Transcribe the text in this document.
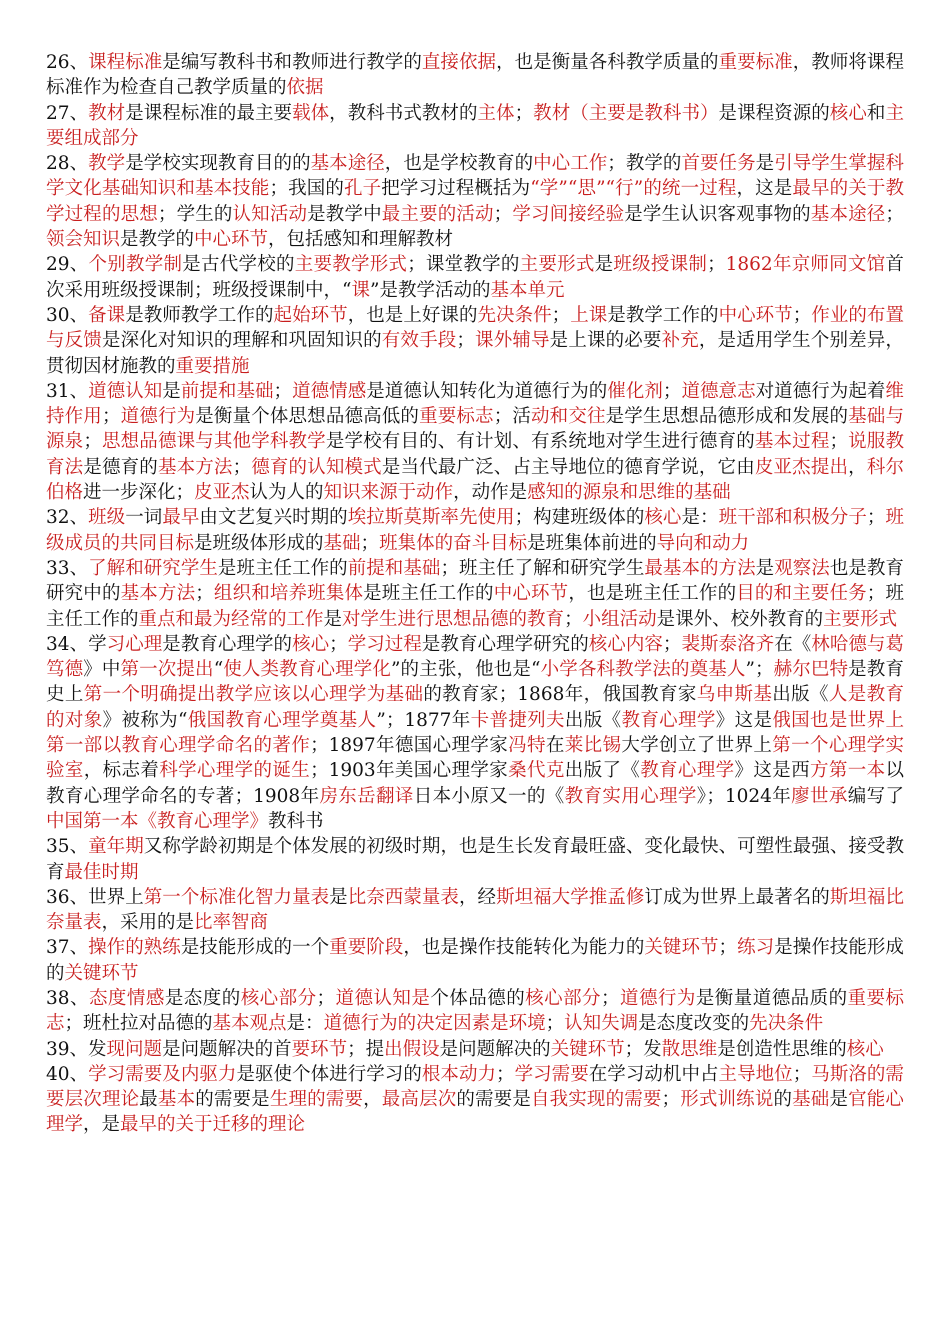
26、课程标准是编写教科书和教师进行教学的直接依据，也是衡量各科教学质量的重要标准，教师将课程标准作为检查自己教学质量的依据

27、教材是课程标准的最主要载体，教科书式教材的主体；教材（主要是教科书）是课程资源的核心和主要组成部分

28、教学是学校实现教育目的的基本途径，也是学校教育的中心工作；教学的首要任务是引导学生掌握科学文化基础知识和基本技能；我国的孔子把学习过程概括为“学”“思”“行”的统一过程，这是最早的关于教学过程的思想；学生的认知活动是教学中最主要的活动；学习间接经验是学生认识客观事物的基本途径；领会知识是教学的中心环节，包括感知和理解教材

29、个别教学制是古代学校的主要教学形式；课堂教学的主要形式是班级授课制；1862年京师同文馆首次采用班级授课制；班级授课制中，“课”是教学活动的基本单元

30、备课是教师教学工作的起始环节，也是上好课的先决条件；上课是教学工作的中心环节；作业的布置与反馈是深化对知识的理解和巩固知识的有效手段；课外辅导是上课的必要补充，是适用学生个别差异，贯彻因材施教的重要措施

31、道德认知是前提和基础；道德情感是道德认知转化为道德行为的催化剂；道德意志对道德行为起着维持作用；道德行为是衡量个体思想品德高低的重要标志；活动和交往是学生思想品德形成和发展的基础与源泉；思想品德课与其他学科教学是学校有目的、有计划、有系统地对学生进行德育的基本过程；说服教育法是德育的基本方法；德育的认知模式是当代最广泛、占主导地位的德育学说，它由皮亚杰提出，科尔伯格进一步深化；皮亚杰认为人的知识来源于动作，动作是感知的源泉和思维的基础

32、班级一词最早由文艺复兴时期的埃拉斯莫斯率先使用；构建班级体的核心是：班干部和积极分子；班级成员的共同目标是班级体形成的基础；班集体的奋斗目标是班集体前进的导向和动力

33、了解和研究学生是班主任工作的前提和基础；班主任了解和研究学生最基本的方法是观察法也是教育研究中的基本方法；组织和培养班集体是班主任工作的中心环节，也是班主任工作的目的和主要任务；班主任工作的重点和最为经常的工作是对学生进行思想品德的教育；小组活动是课外、校外教育的主要形式

34、学习心理是教育心理学的核心；学习过程是教育心理学研究的核心内容；裴斯泰洛齐在《林哈德与葛笃德》中第一次提出“使人类教育心理学化”的主张，他也是“小学各科教学法的奠基人”；赫尔巴特是教育史上第一个明确提出教学应该以心理学为基础的教育家；1868年，俄国教育家乌申斯基出版《人是教育的对象》被称为“俄国教育心理学奠基人”；1877年卡普捷列夫出版《教育心理学》这是俄国也是世界上第一部以教育心理学命名的著作；1897年德国心理学家冯特在莱比锡大学创立了世界上第一个心理学实验室，标志着科学心理学的诞生；1903年美国心理学家桑代克出版了《教育心理学》这是西方第一本以教育心理学命名的专著；1908年房东岳翻译日本小原又一的《教育实用心理学》；1024年廖世承编写了中国第一本《教育心理学》教科书

35、童年期又称学龄初期是个体发展的初级时期，也是生长发育最旺盛、变化最快、可塑性最强、接受教育最佳时期

36、世界上第一个标准化智力量表是比奈西蒙量表，经斯坦福大学推孟修订成为世界上最著名的斯坦福比奈量表，采用的是比率智商

37、操作的熟练是技能形成的一个重要阶段，也是操作技能转化为能力的关键环节；练习是操作技能形成的关键环节

38、态度情感是态度的核心部分；道德认知是个体品德的核心部分；道德行为是衡量道德品质的重要标志；班杜拉对品德的基本观点是：道德行为的决定因素是环境；认知失调是态度改变的先决条件

39、发现问题是问题解决的首要环节；提出假设是问题解决的关键环节；发散思维是创造性思维的核心

40、学习需要及内驱力是驱使个体进行学习的根本动力；学习需要在学习动机中占主导地位；马斯洛的需要层次理论最基本的需要是生理的需要，最高层次的需要是自我实现的需要；形式训练说的基础是官能心理学，是最早的关于迁移的理论
